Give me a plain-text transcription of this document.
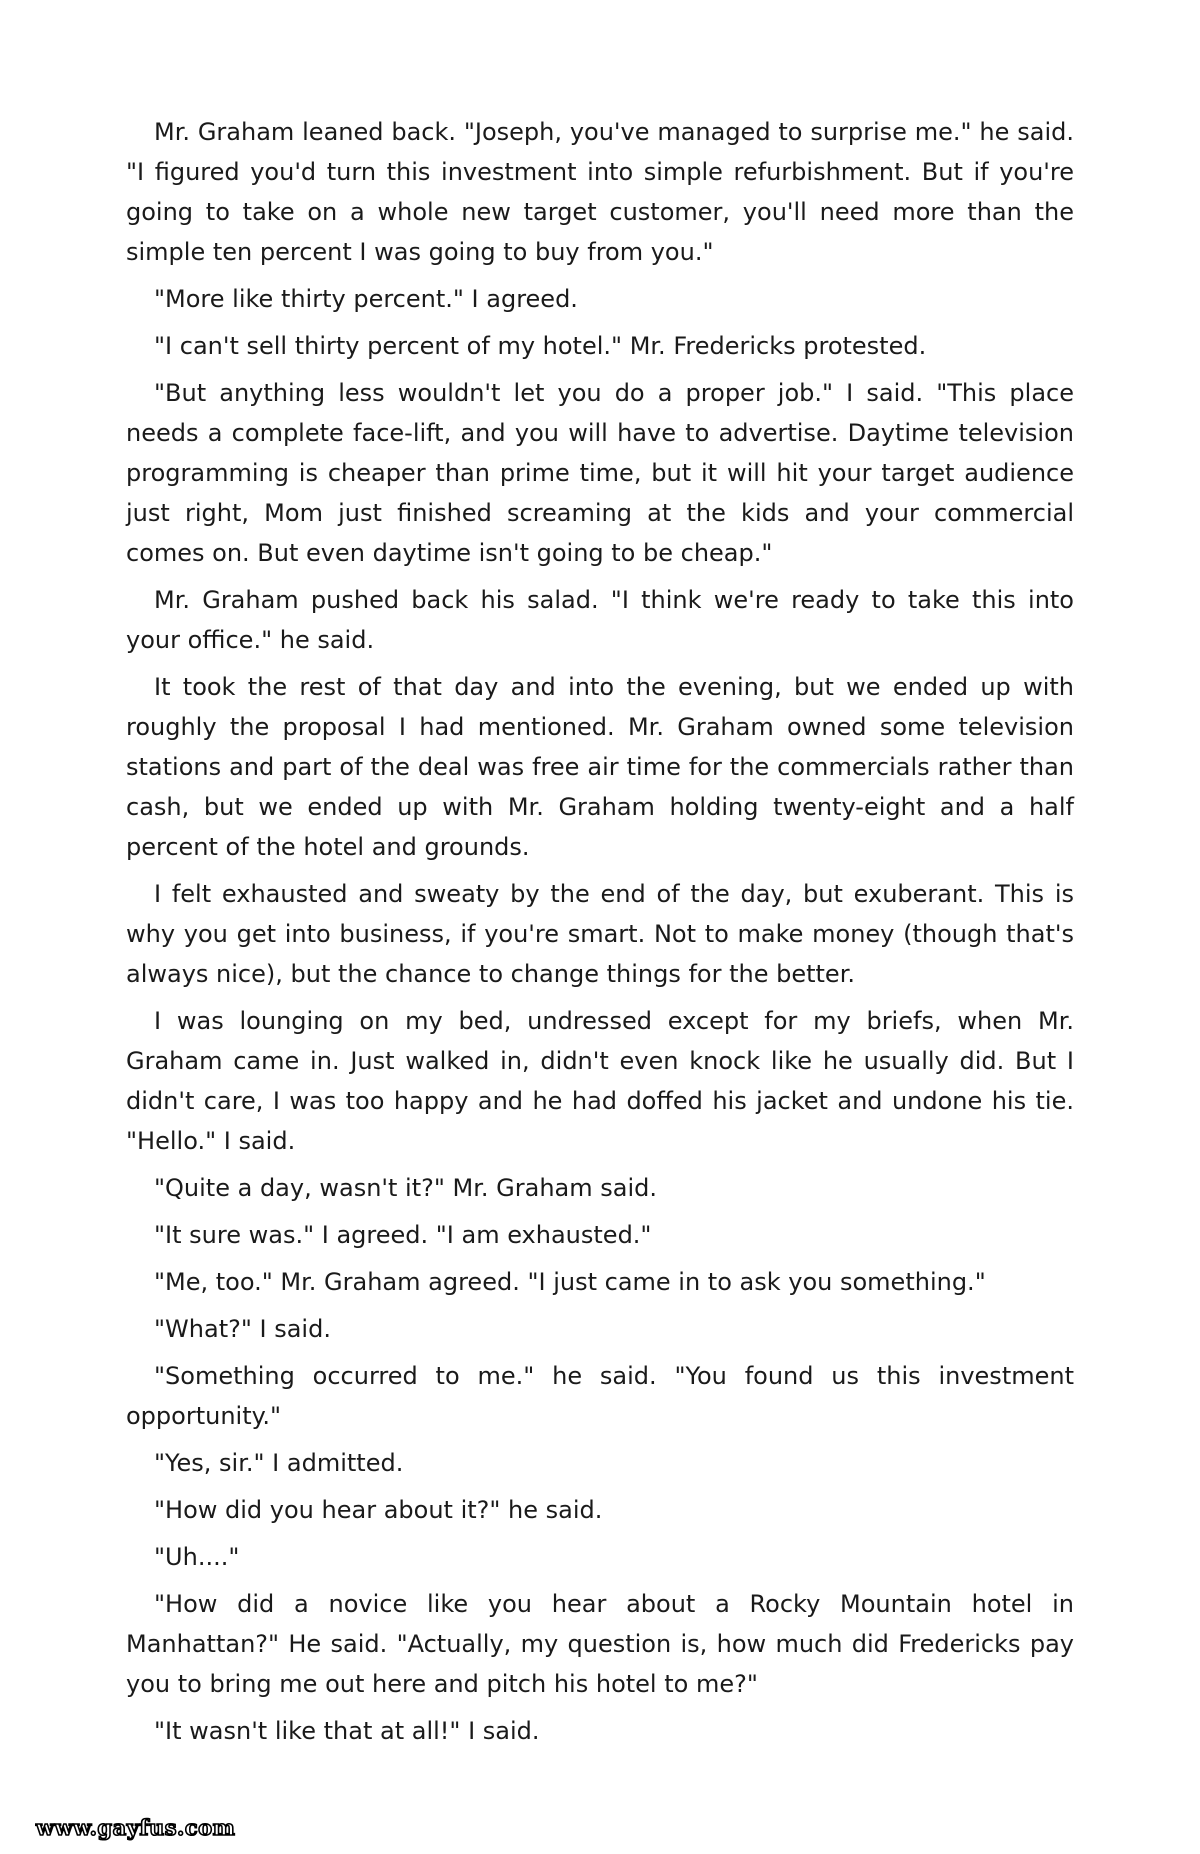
Mr. Graham leaned back. "Joseph, you've managed to surprise me." he said. "I figured you'd turn this investment into simple refurbishment. But if you're going to take on a whole new target customer, you'll need more than the simple ten percent I was going to buy from you."

"More like thirty percent." I agreed.

"I can't sell thirty percent of my hotel." Mr. Fredericks protested.

"But anything less wouldn't let you do a proper job." I said. "This place needs a complete face-lift, and you will have to advertise. Daytime television programming is cheaper than prime time, but it will hit your target audience just right, Mom just finished screaming at the kids and your commercial comes on. But even daytime isn't going to be cheap."

Mr. Graham pushed back his salad. "I think we're ready to take this into your office." he said.

It took the rest of that day and into the evening, but we ended up with roughly the proposal I had mentioned. Mr. Graham owned some television stations and part of the deal was free air time for the commercials rather than cash, but we ended up with Mr. Graham holding twenty-eight and a half percent of the hotel and grounds.

I felt exhausted and sweaty by the end of the day, but exuberant. This is why you get into business, if you're smart. Not to make money (though that's always nice), but the chance to change things for the better.

I was lounging on my bed, undressed except for my briefs, when Mr. Graham came in. Just walked in, didn't even knock like he usually did. But I didn't care, I was too happy and he had doffed his jacket and undone his tie. "Hello." I said.

"Quite a day, wasn't it?" Mr. Graham said.

"It sure was." I agreed. "I am exhausted."

"Me, too." Mr. Graham agreed. "I just came in to ask you something."

"What?" I said.

"Something occurred to me." he said. "You found us this investment opportunity."

"Yes, sir." I admitted.

"How did you hear about it?" he said.

"Uh...."

"How did a novice like you hear about a Rocky Mountain hotel in Manhattan?" He said. "Actually, my question is, how much did Fredericks pay you to bring me out here and pitch his hotel to me?"

"It wasn't like that at all!" I said.

www.gayfus.com
